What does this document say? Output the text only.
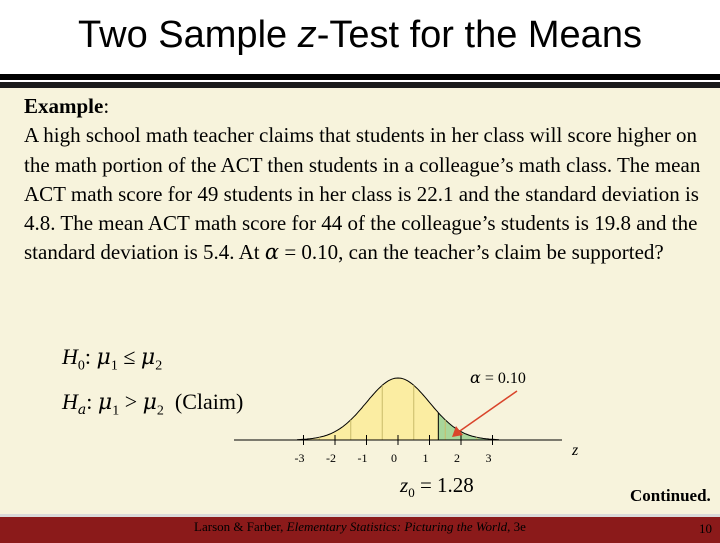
Two Sample z-Test for the Means
Example:
A high school math teacher claims that students in her class will score higher on the math portion of the ACT then students in a colleague’s math class. The mean ACT math score for 49 students in her class is 22.1 and the standard deviation is 4.8. The mean ACT math score for 44 of the colleague’s students is 19.8 and the standard deviation is 5.4. At α = 0.10, can the teacher’s claim be supported?
$H_0$: $\mu_1 \le \mu_2$
$H_a$: $\mu_1 > \mu_2$  (Claim)
α = 0.10
-3 -2 -1 0 1 2 3	z
$z_0 = 1.28$	Continued.
Larson & Farber, Elementary Statistics: Picturing the World, 3e	10
